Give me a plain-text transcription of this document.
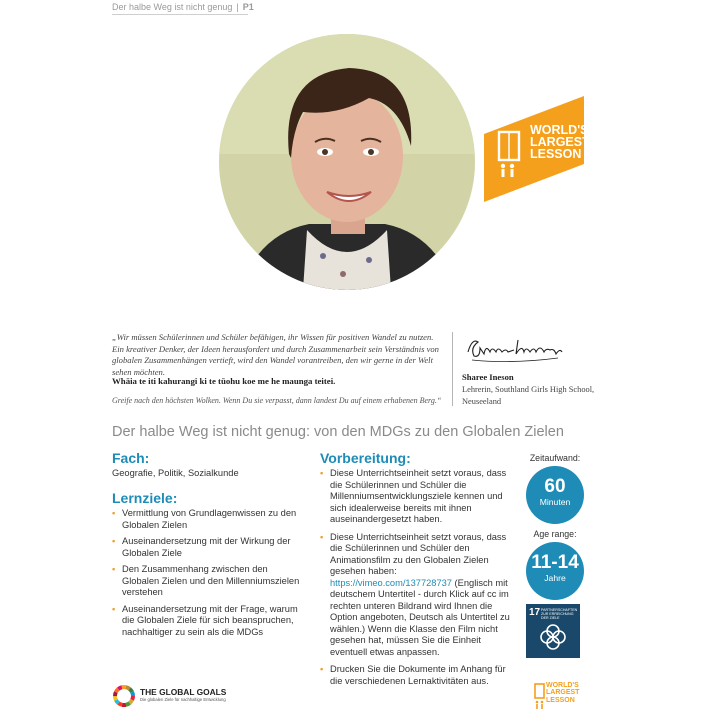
Der halbe Weg ist nicht genug | P1
WORLD'S
LARGEST
LESSON
„Wir müssen Schülerinnen und Schüler befähigen, ihr Wissen für positiven Wandel zu nutzen. Ein kreativer Denker, der Ideen herausfordert und durch Zusammenarbeit sein Verständnis von globalen Zusammenhängen vertieft, wird den Wandel vorantreiben, den wir gerne in der Welt sehen möchten.
Whāia te iti kahurangi ki te tūohu koe me he maunga teitei.
Greife nach den höchsten Wolken. Wenn Du sie verpasst, dann landest Du auf einem erhabenen Berg.“
Sharee Ineson
Lehrerin, Southland Girls High School, Neuseeland
Der halbe Weg ist nicht genug: von den MDGs zu den Globalen Zielen
Fach:
Geografie, Politik, Sozialkunde
Lernziele:
• Vermittlung von Grundlagenwissen zu den Globalen Zielen
• Auseinandersetzung mit der Wirkung der Globalen Ziele
• Den Zusammenhang zwischen den Globalen Zielen und den Millenniumszielen verstehen
• Auseinandersetzung mit der Frage, warum die Globalen Ziele für sich beanspruchen, nachhaltiger zu sein als die MDGs
Vorbereitung:
• Diese Unterrichtseinheit setzt voraus, dass die Schülerinnen und Schüler die Millenniumsentwicklungsziele kennen und sich idealerweise bereits mit ihnen auseinandergesetzt haben.
• Diese Unterrichtseinheit setzt voraus, dass die Schülerinnen und Schüler den Animationsfilm zu den Globalen Zielen gesehen haben: https://vimeo.com/137728737 (Englisch mit deutschem Untertitel - durch Klick auf cc im rechten unteren Bildrand wird Ihnen die Option angeboten, Deutsch als Untertitel zu wählen.) Wenn die Klasse den Film nicht gesehen hat, müssen Sie die Einheit eventuell etwas anpassen.
• Drucken Sie die Dokumente im Anhang für die verschiedenen Lernaktivitäten aus.
Zeitaufwand:
60
Minuten
Age range:
11-14
Jahre
17 PARTNERSCHAFTEN ZUR ERREICHUNG DER ZIELE
THE GLOBAL GOALS
Die globalen Ziele für nachhaltige Entwicklung
WORLD'S
LARGEST
LESSON
